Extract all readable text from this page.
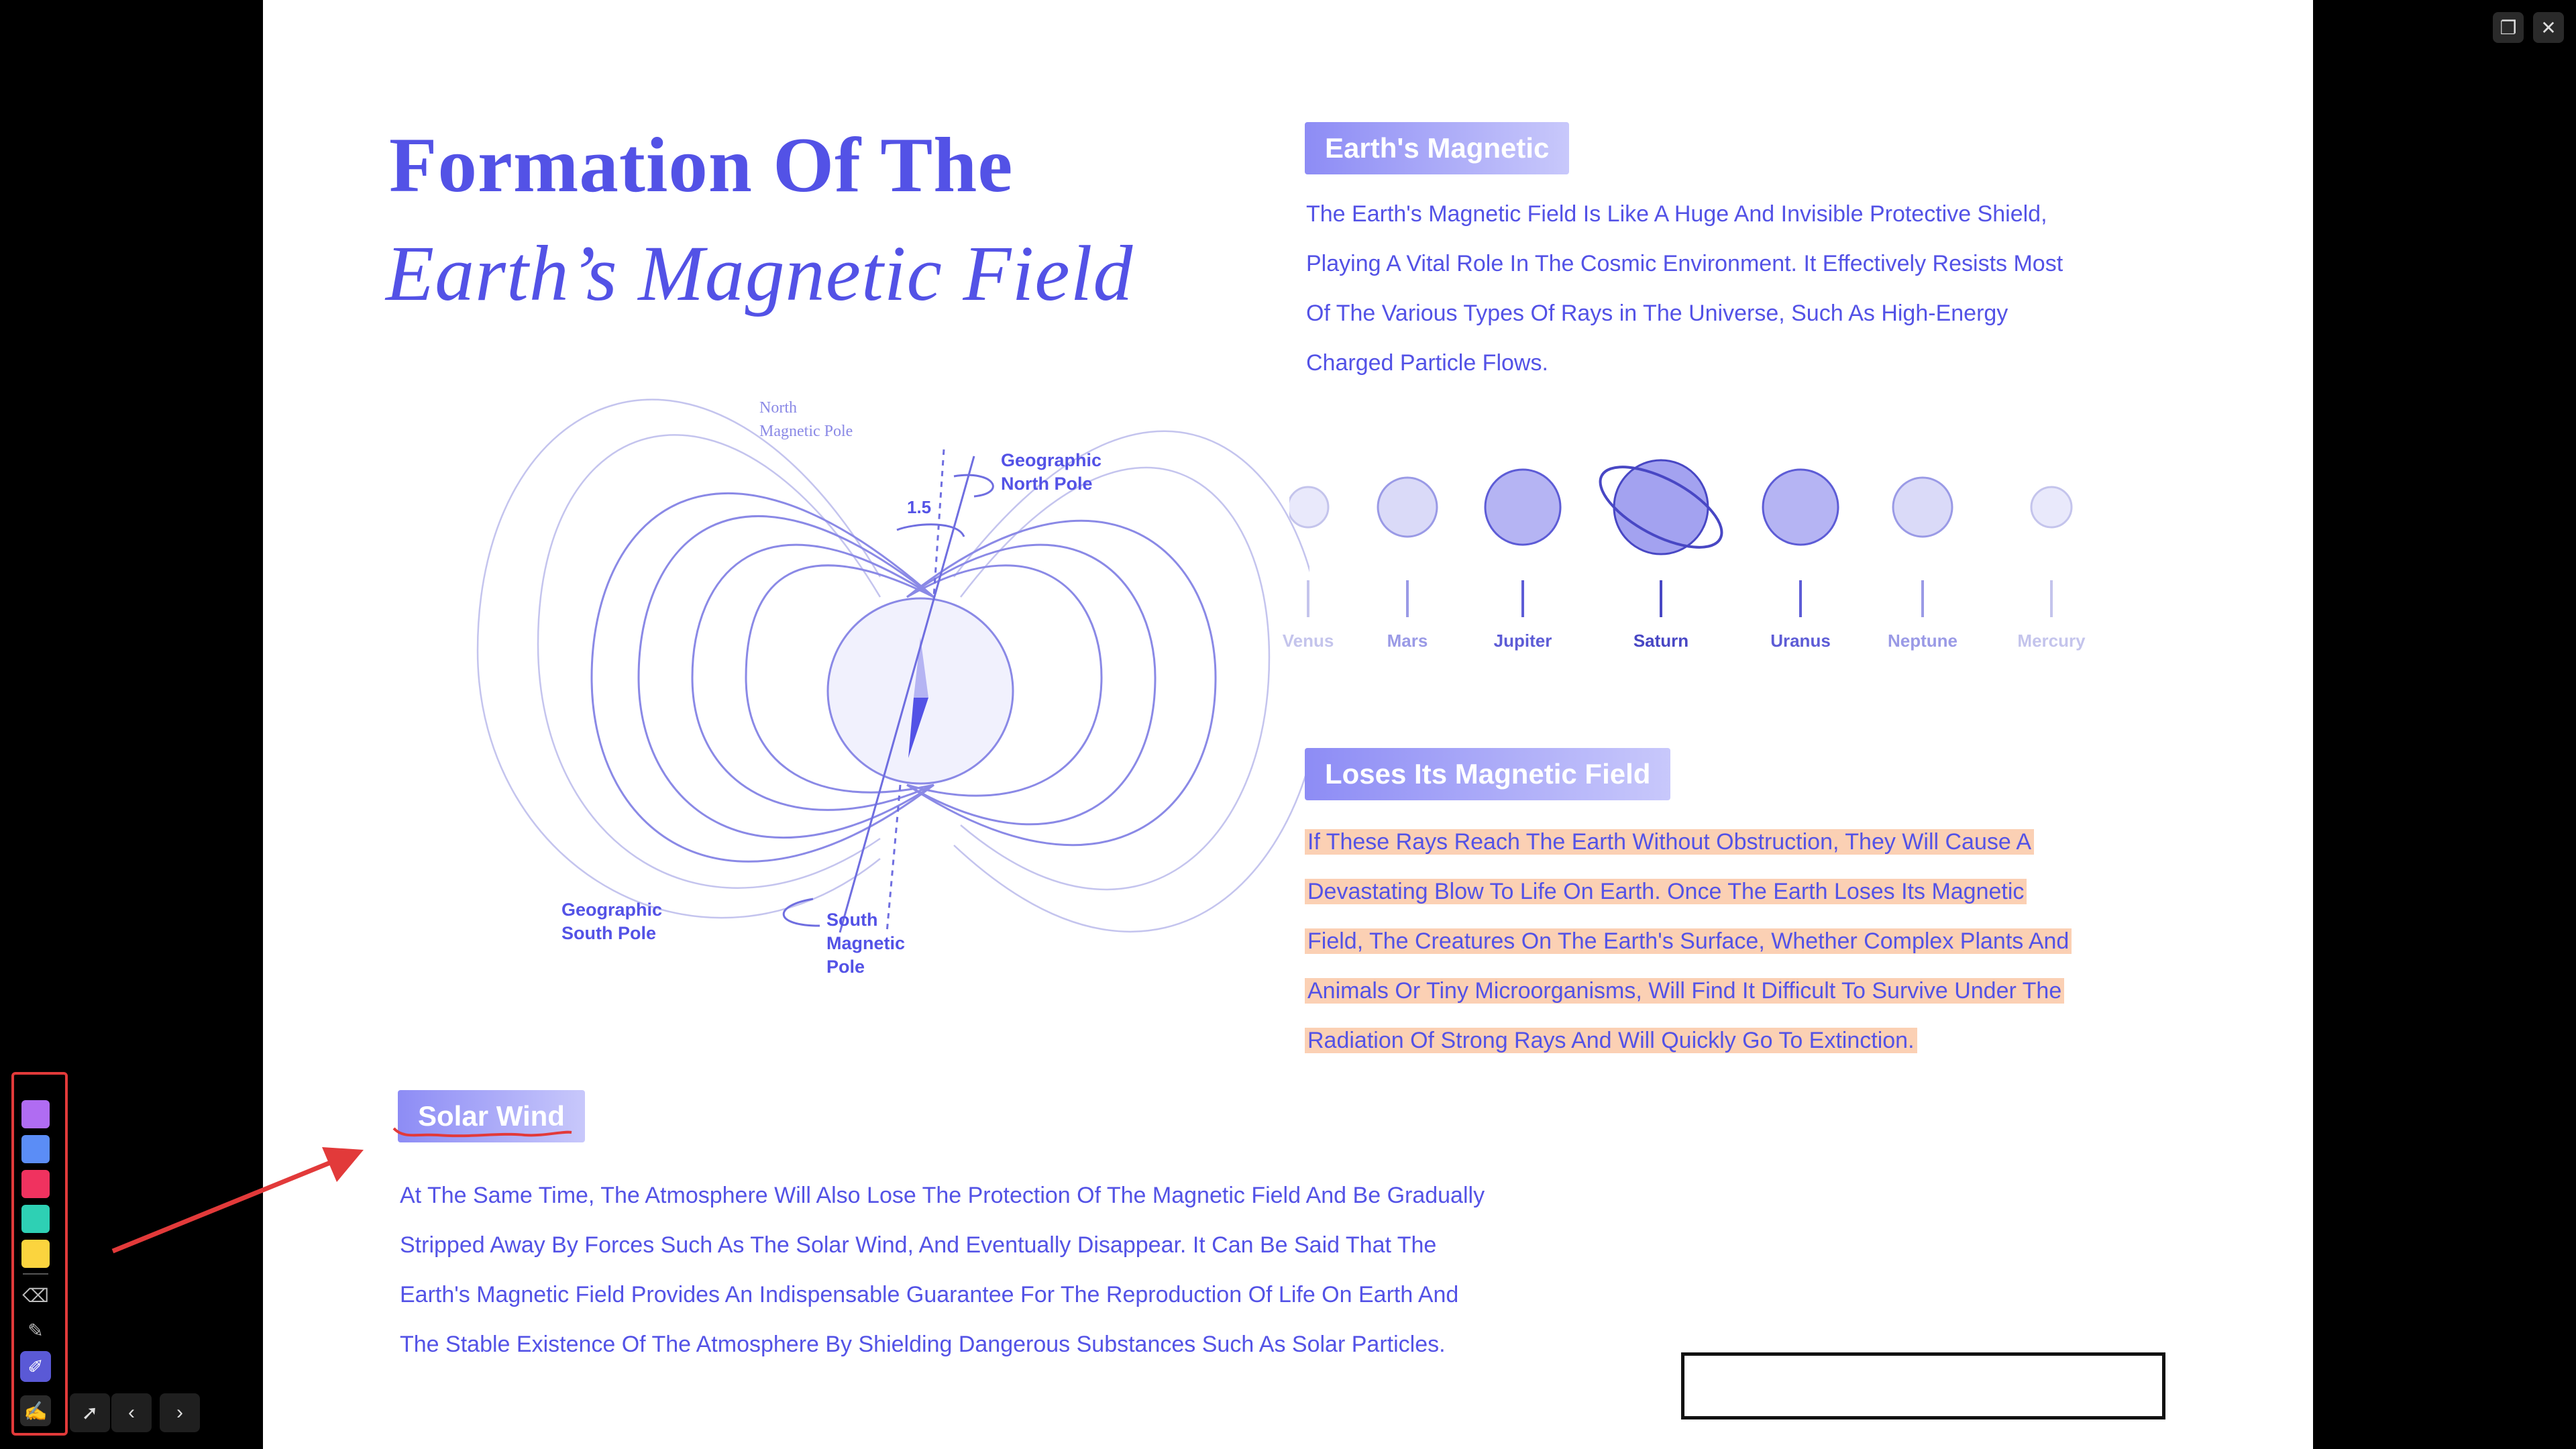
Formation Of The
Earth’s Magnetic Field
North
Magnetic Pole
Geographic
North Pole
1.5
Geographic
South Pole
South
Magnetic
Pole
Earth's Magnetic
The Earth's Magnetic Field Is Like A Huge And Invisible Protective Shield,
Playing A Vital Role In The Cosmic Environment. It Effectively Resists Most
Of The Various Types Of Rays in The Universe, Such As High-Energy
Charged Particle Flows.
Loses Its Magnetic Field
If These Rays Reach The Earth Without Obstruction, They Will Cause A
Devastating Blow To Life On Earth. Once The Earth Loses Its Magnetic
Field, The Creatures On The Earth's Surface, Whether Complex Plants And
Animals Or Tiny Microorganisms, Will Find It Difficult To Survive Under The
Radiation Of Strong Rays And Will Quickly Go To Extinction.
Solar Wind
At The Same Time, The Atmosphere Will Also Lose The Protection Of The Magnetic Field And Be Gradually
Stripped Away By Forces Such As The Solar Wind, And Eventually Disappear. It Can Be Said That The
Earth's Magnetic Field Provides An Indispensable Guarantee For The Reproduction Of Life On Earth And
The Stable Existence Of The Atmosphere By Shielding Dangerous Substances Such As Solar Particles.
Venus	Mars	Jupiter	Saturn	Uranus	Neptune	Mercury
⌫
✎
✐
✍ ➚	‹	›
❐ ✕
